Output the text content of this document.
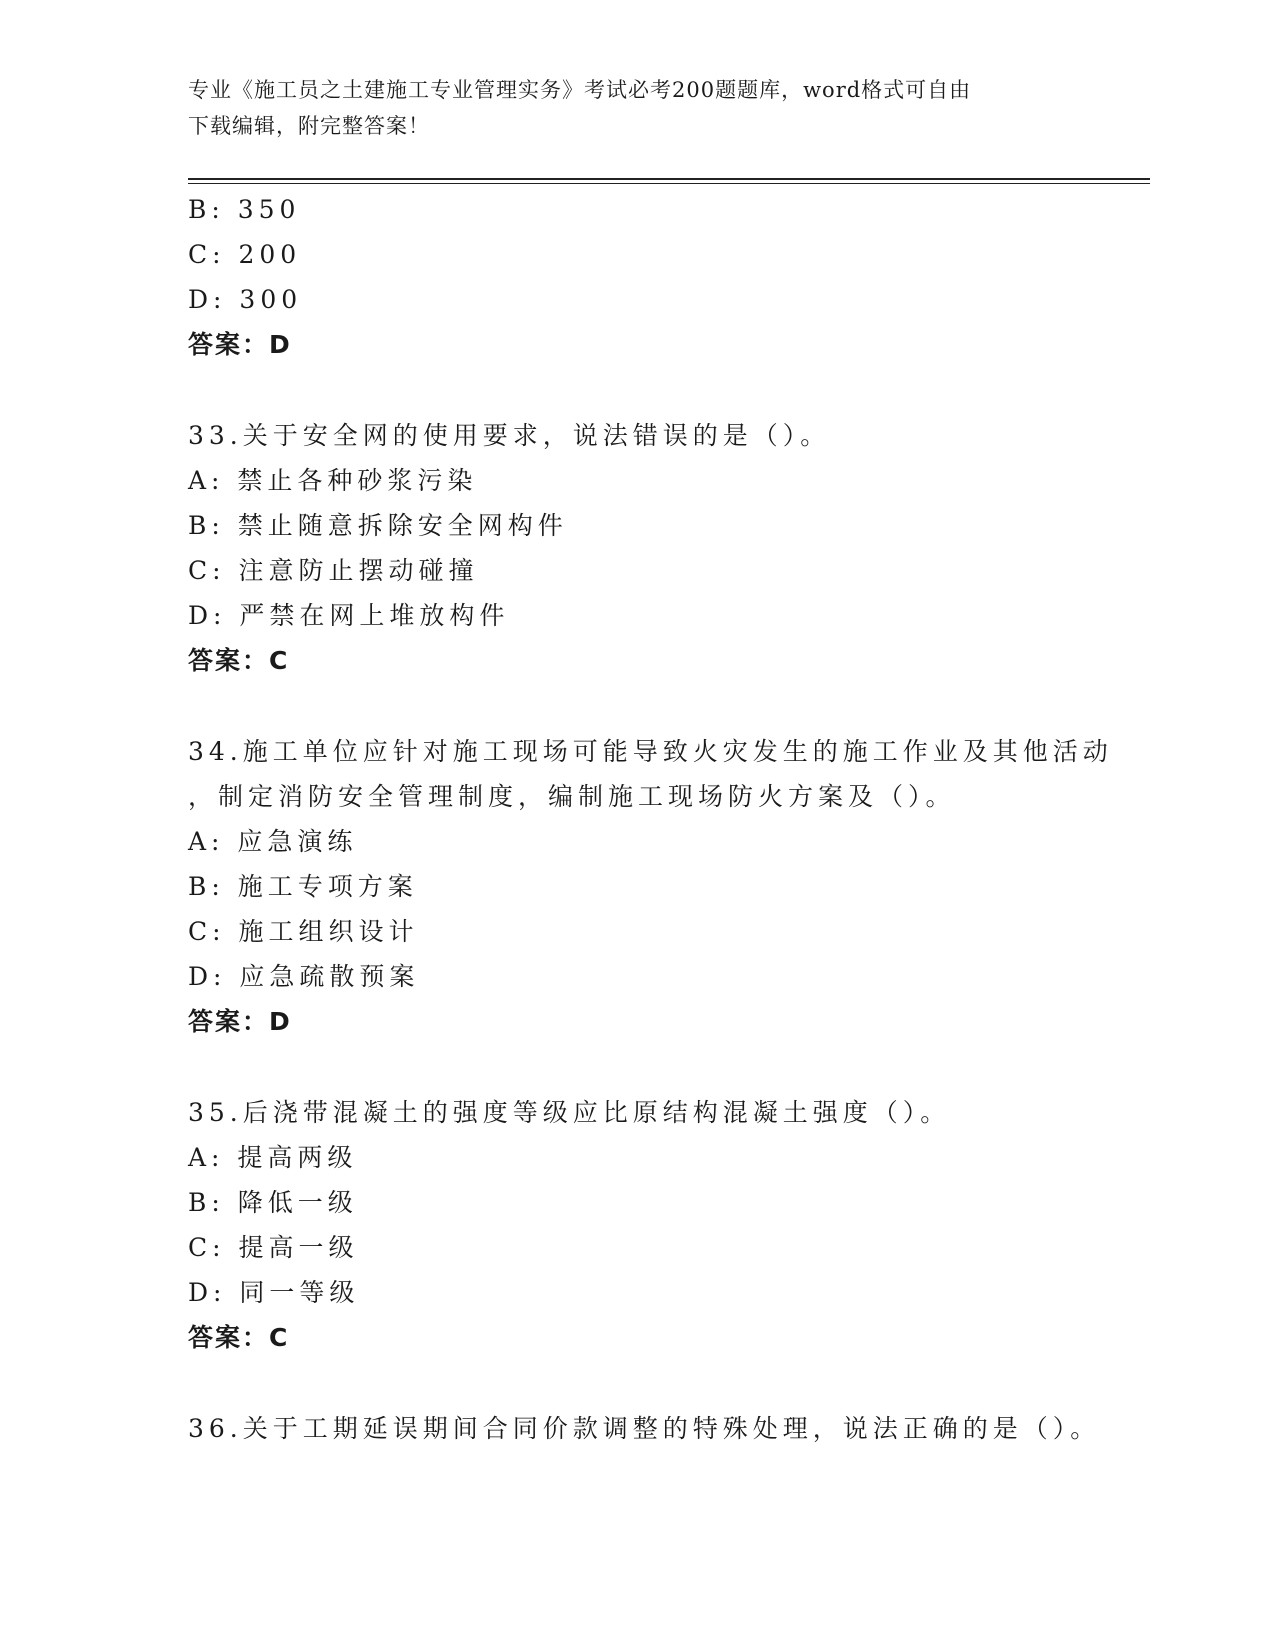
专业《施工员之土建施工专业管理实务》考试必考200题题库，word格式可自由
下载编辑，附完整答案！
B: 350
C: 200
D: 300
答案：D
33.关于安全网的使用要求，说法错误的是（）。
A: 禁止各种砂浆污染
B: 禁止随意拆除安全网构件
C: 注意防止摆动碰撞
D: 严禁在网上堆放构件
答案：C
34.施工单位应针对施工现场可能导致火灾发生的施工作业及其他活动
，制定消防安全管理制度，编制施工现场防火方案及（）。
A: 应急演练
B: 施工专项方案
C: 施工组织设计
D: 应急疏散预案
答案：D
35.后浇带混凝土的强度等级应比原结构混凝土强度（）。
A: 提高两级
B: 降低一级
C: 提高一级
D: 同一等级
答案：C
36.关于工期延误期间合同价款调整的特殊处理，说法正确的是（）。
